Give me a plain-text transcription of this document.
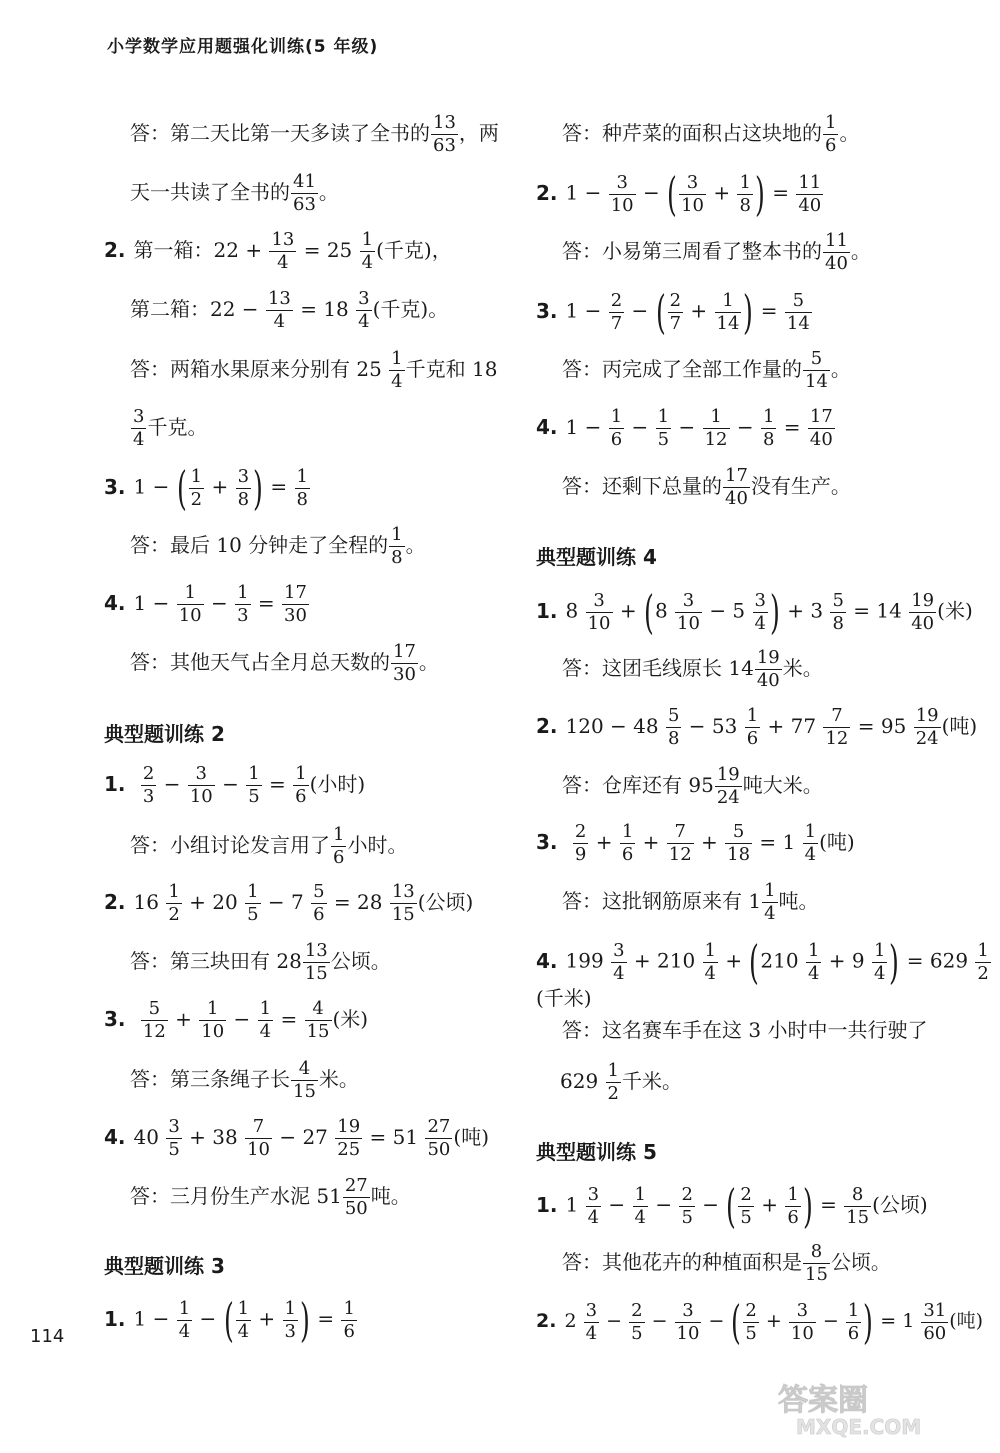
小学数学应用题强化训练(5 年级)
答：第二天比第一天多读了全书的 $\frac{13}{63}$ ，两
天一共读了全书的 $\frac{41}{63}$ 。
2. 第一箱：$22 + \frac{13}{4} = 25 \frac{1}{4}$ (千克)，
第二箱：$22 - \frac{13}{4} = 18 \frac{3}{4}$ (千克)。
答：两箱水果原来分别有 $25 \frac{1}{4}$ 千克和 18
$\frac{3}{4}$ 千克。
3. 1 − ( $\frac{1}{2} + \frac{3}{8}$ ) = $\frac{1}{8}$
答：最后 10 分钟走了全程的 $\frac{1}{8}$ 。
4. $1 - \frac{1}{10} - \frac{1}{3} = \frac{17}{30}$
答：其他天气占全月总天数的 $\frac{17}{30}$ 。
典型题训练 2
1. $\frac{2}{3} - \frac{3}{10} - \frac{1}{5} = \frac{1}{6}$ (小时)
答：小组讨论发言用了 $\frac{1}{6}$ 小时。
2. $16 \frac{1}{2} + 20 \frac{1}{5} - 7 \frac{5}{6} = 28 \frac{13}{15}$ (公顷)
答：第三块田有 $28 \frac{13}{15}$ 公顷。
3. $\frac{5}{12} + \frac{1}{10} - \frac{1}{4} = \frac{4}{15}$ (米)
答：第三条绳子长 $\frac{4}{15}$ 米。
4. $40 \frac{3}{5} + 38 \frac{7}{10} - 27 \frac{19}{25} = 51 \frac{27}{50}$ (吨)
答：三月份生产水泥 $51 \frac{27}{50}$ 吨。
典型题训练 3
1. $1 - \frac{1}{4}$ − ( $\frac{1}{4} + \frac{1}{3}$ ) = $\frac{1}{6}$
答：种芹菜的面积占这块地的 $\frac{1}{6}$ 。
2. $1 - \frac{3}{10}$ − ( $\frac{3}{10} + \frac{1}{8}$ ) = $\frac{11}{40}$
答：小易第三周看了整本书的 $\frac{11}{40}$ 。
3. $1 - \frac{2}{7}$ − ( $\frac{2}{7} + \frac{1}{14}$ ) = $\frac{5}{14}$
答：丙完成了全部工作量的 $\frac{5}{14}$ 。
4. $1 - \frac{1}{6} - \frac{1}{5} - \frac{1}{12} - \frac{1}{8} = \frac{17}{40}$
答：还剩下总量的 $\frac{17}{40}$ 没有生产。
典型题训练 4
1. $8 \frac{3}{10} + (8 \frac{3}{10} - 5 \frac{3}{4}$ ) + $3 \frac{5}{8} = 14 \frac{19}{40}$ (米)
答：这团毛线原长 $14 \frac{19}{40}$ 米。
2. $120 - 48 \frac{5}{8} - 53 \frac{1}{6} + 77 \frac{7}{12} = 95 \frac{19}{24}$ (吨)
答：仓库还有 $95 \frac{19}{24}$ 吨大米。
3. $\frac{2}{9} + \frac{1}{6} + \frac{7}{12} + \frac{5}{18} = 1 \frac{1}{4}$ (吨)
答：这批钢筋原来有 $1 \frac{1}{4}$ 吨。
4. $199 \frac{3}{4} + 210 \frac{1}{4} + (210 \frac{1}{4} + 9 \frac{1}{4}$ ) = $629 \frac{1}{2}$
(千米)
答：这名赛车手在这 3 小时中一共行驶了
$629 \frac{1}{2}$ 千米。
典型题训练 5
1. $1 \frac{3}{4} - \frac{1}{4} - \frac{2}{5}$ − ( $\frac{2}{5} + \frac{1}{6}$ ) = $\frac{8}{15}$ (公顷)
答：其他花卉的种植面积是 $\frac{8}{15}$ 公顷。
2. $2 \frac{3}{4} - \frac{2}{5} - \frac{3}{10}$ − ( $\frac{2}{5} + \frac{3}{10} - \frac{1}{6}$ ) = $1 \frac{31}{60}$ (吨)
114
答案圈
MXQE.COM
